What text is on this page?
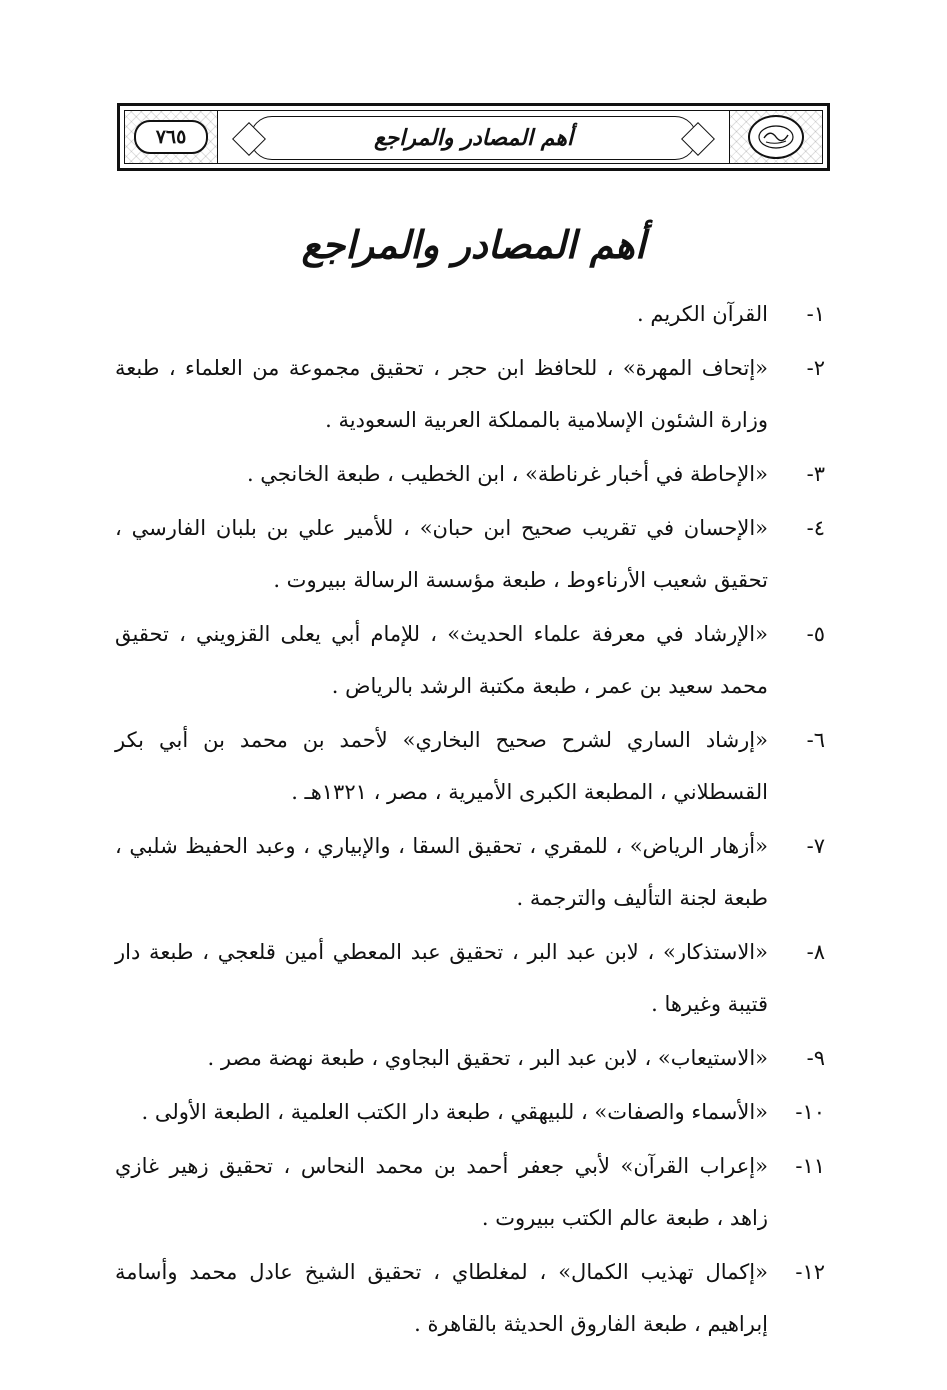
أهم المصادر والمراجع
٧٦٥
أهم المصادر والمراجع
١-
القرآن الكريم .
٢-
«إتحاف المهرة» ، للحافظ ابن حجر ، تحقيق مجموعة من العلماء ، طبعة وزارة الشئون الإسلامية بالمملكة العربية السعودية .
٣-
«الإحاطة في أخبار غرناطة» ، ابن الخطيب ، طبعة الخانجي .
٤-
«الإحسان في تقريب صحيح ابن حبان» ، للأمير علي بن بلبان الفارسي ، تحقيق شعيب الأرناءوط ، طبعة مؤسسة الرسالة ببيروت .
٥-
«الإرشاد في معرفة علماء الحديث» ، للإمام أبي يعلى القزويني ، تحقيق محمد سعيد بن عمر ، طبعة مكتبة الرشد بالرياض .
٦-
«إرشاد الساري لشرح صحيح البخاري» لأحمد بن محمد بن أبي بكر القسطلاني ، المطبعة الكبرى الأميرية ، مصر ، ١٣٢١هـ .
٧-
«أزهار الرياض» ، للمقري ، تحقيق السقا ، والإبياري ، وعبد الحفيظ شلبي ، طبعة لجنة التأليف والترجمة .
٨-
«الاستذكار» ، لابن عبد البر ، تحقيق عبد المعطي أمين قلعجي ، طبعة دار قتيبة وغيرها .
٩-
«الاستيعاب» ، لابن عبد البر ، تحقيق البجاوي ، طبعة نهضة مصر .
١٠-
«الأسماء والصفات» ، للبيهقي ، طبعة دار الكتب العلمية ، الطبعة الأولى .
١١-
«إعراب القرآن» لأبي جعفر أحمد بن محمد النحاس ، تحقيق زهير غازي زاهد ، طبعة عالم الكتب ببيروت .
١٢-
«إكمال تهذيب الكمال» ، لمغلطاي ، تحقيق الشيخ عادل محمد وأسامة إبراهيم ، طبعة الفاروق الحديثة بالقاهرة .
